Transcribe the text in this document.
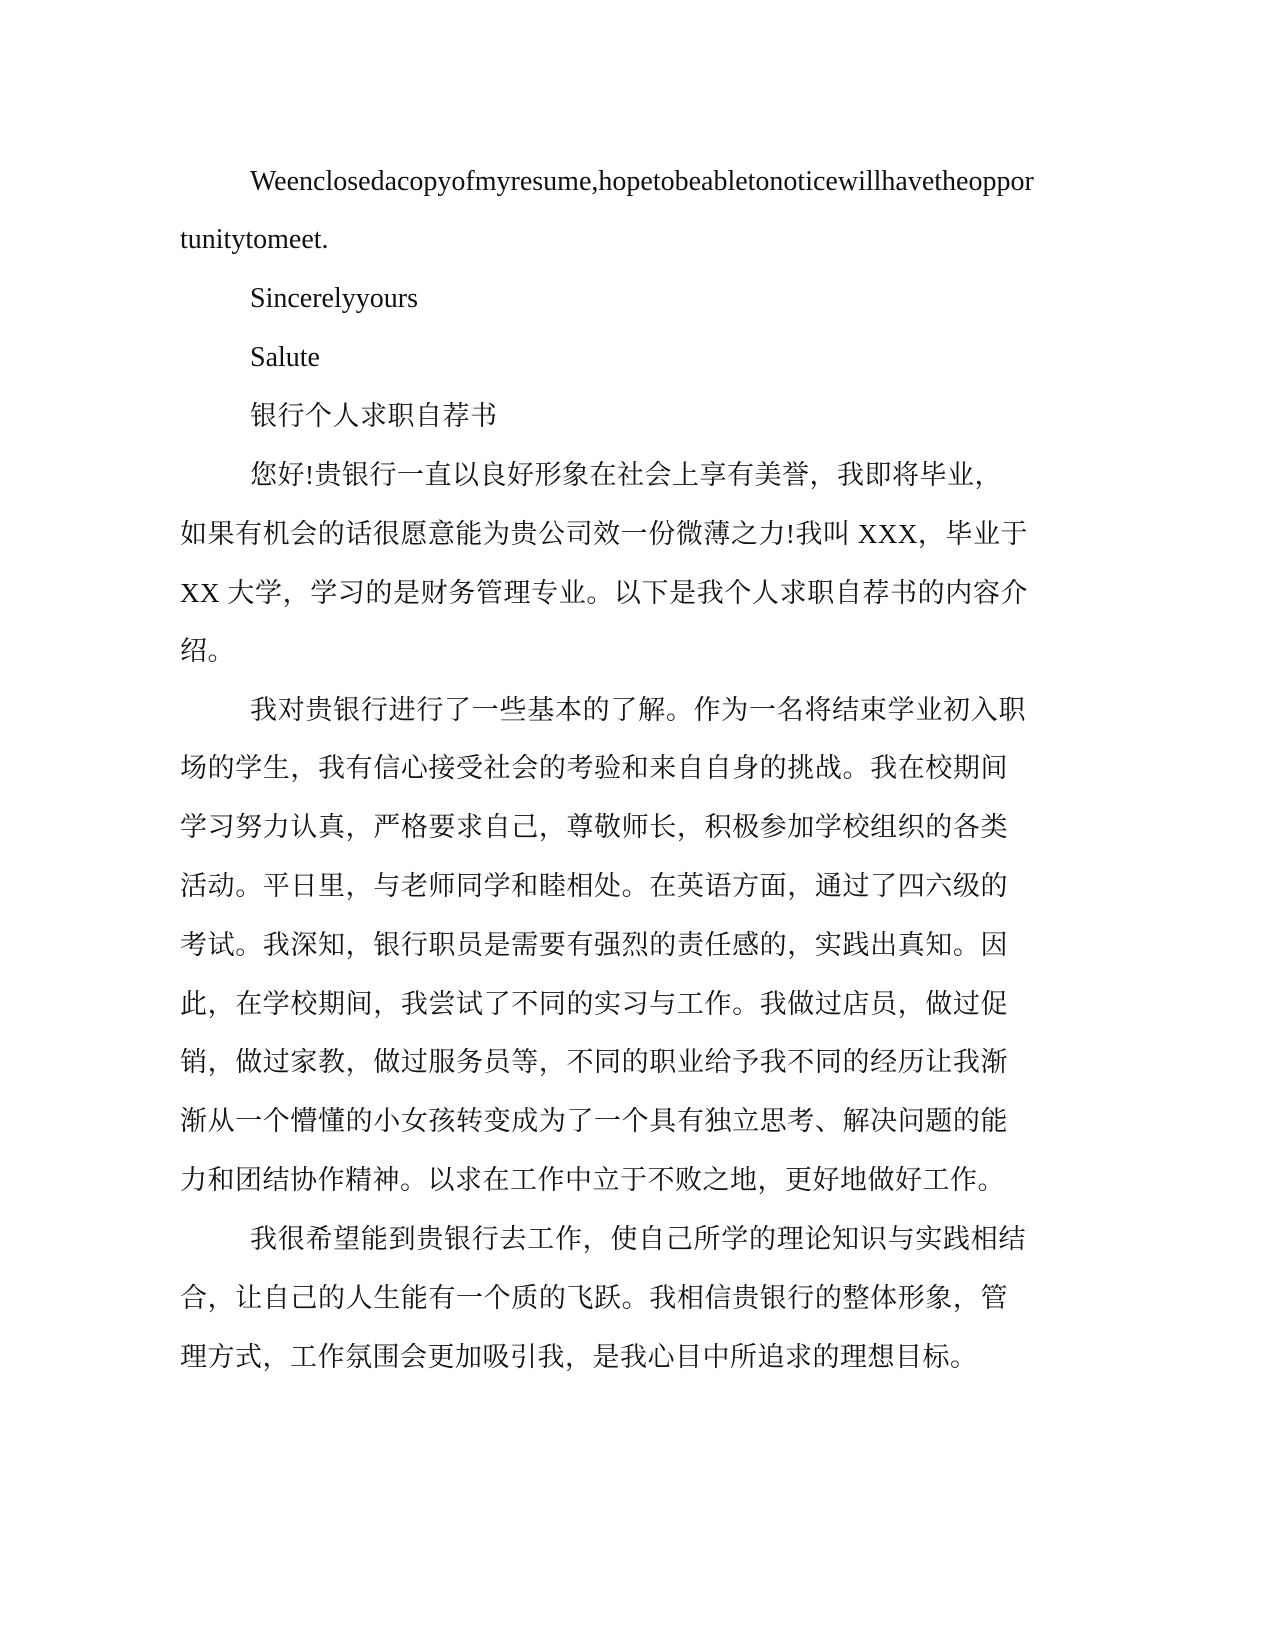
Weenclosedacopyofmyresume,hopetobeabletonoticewillhavetheoppor
tunitytomeet.
Sincerelyyours
Salute
银行个人求职自荐书
您好!贵银行一直以良好形象在社会上享有美誉，我即将毕业，
如果有机会的话很愿意能为贵公司效一份微薄之力!我叫 XXX，毕业于
XX 大学，学习的是财务管理专业。以下是我个人求职自荐书的内容介
绍。
我对贵银行进行了一些基本的了解。作为一名将结束学业初入职
场的学生，我有信心接受社会的考验和来自自身的挑战。我在校期间
学习努力认真，严格要求自己，尊敬师长，积极参加学校组织的各类
活动。平日里，与老师同学和睦相处。在英语方面，通过了四六级的
考试。我深知，银行职员是需要有强烈的责任感的，实践出真知。因
此，在学校期间，我尝试了不同的实习与工作。我做过店员，做过促
销，做过家教，做过服务员等，不同的职业给予我不同的经历让我渐
渐从一个懵懂的小女孩转变成为了一个具有独立思考、解决问题的能
力和团结协作精神。以求在工作中立于不败之地，更好地做好工作。
我很希望能到贵银行去工作，使自己所学的理论知识与实践相结
合，让自己的人生能有一个质的飞跃。我相信贵银行的整体形象，管
理方式，工作氛围会更加吸引我，是我心目中所追求的理想目标。
